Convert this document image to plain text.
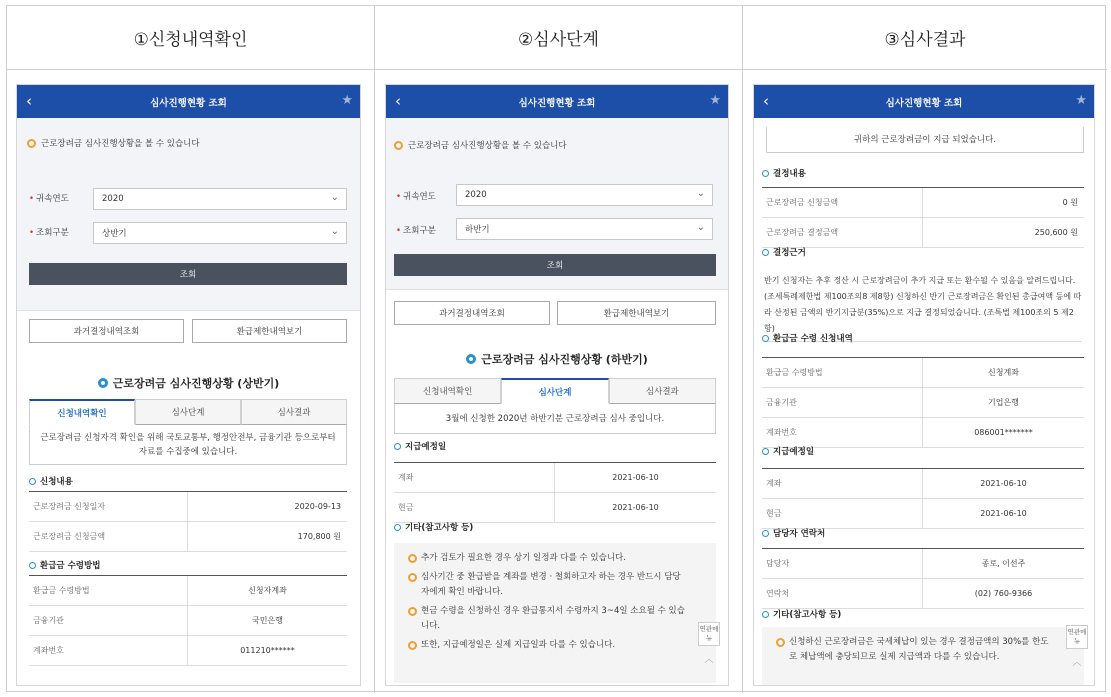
①신청내역확인	②심사단계	③심사결과
‹	심사진행현황 조회	★
근로장려금 심사진행상황을 볼 수 있습니다
• 귀속연도	2020	⌄
• 조회구분	상반기	⌄
조회
과거결정내역조회	환급제한내역보기
근로장려금 심사진행상황 (상반기)
신청내역확인	심사단계	심사결과
근로장려금 신청자격 확인을 위해 국토교통부, 행정안전부, 금융기관 등으로부터 자료를 수집중에 있습니다.
신청내용
근로장려금 신청일자	2020-09-13
근로장려금 신청금액	170,800 원
환급금 수령방법
환급금 수령방법	신청자계좌
금융기관	국민은행
계좌번호	011210******
‹	심사진행현황 조회	★
근로장려금 심사진행상황을 볼 수 있습니다
• 귀속연도	2020	⌄
• 조회구분	하반기	⌄
조회
과거결정내역조회	환급제한내역보기
근로장려금 심사진행상황 (하반기)
신청내역확인	심사단계	심사결과
3월에 신청한 2020년 하반기분 근로장려금 심사 중입니다.
지급예정일
계좌	2021-06-10
현금	2021-06-10
기타(참고사항 등)
추가 검토가 필요한 경우 상기 일정과 다를 수 있습니다.
심사기간 중 환급받을 계좌를 변경 · 철회하고자 하는 경우 반드시 담당자에게 확인 바랍니다.
현금 수령을 신청하신 경우 환급통지서 수령까지 3~4일 소요될 수 있습니다.
또한, 지급예정일은 실제 지급일과 다를 수 있습니다.
연관메뉴
︿
‹	심사진행현황 조회	★
귀하의 근로장려금이 지급 되었습니다.
결정내용
근로장려금 신청금액	0 원
근로장려금 결정금액	250,600 원
결정근거
반기 신청자는 추후 정산 시 근로장려금이 추가 지급 또는 환수될 수 있음을 알려드립니다.(조세특례제한법 제100조의8 제8항) 신청하신 반기 근로장려금은 확인된 총급여액 등에 따라 산정된 금액의 반기지급분(35%)으로 지급 결정되었습니다. (조특법 제100조의 5 제2항)
환급금 수령 신청내역
환급금 수령방법	신청계좌
금융기관	기업은행
계좌번호	086001*******
지급예정일
계좌	2021-06-10
현금	2021-06-10
담당자 연락처
담당자	종로, 이선주
연락처	(02) 760-9366
기타(참고사항 등)
신청하신 근로장려금은 국세체납이 있는 경우 결정금액의 30%를 한도로 체납액에 충당되므로 실제 지급액과 다를 수 있습니다.
연관메뉴
︿
